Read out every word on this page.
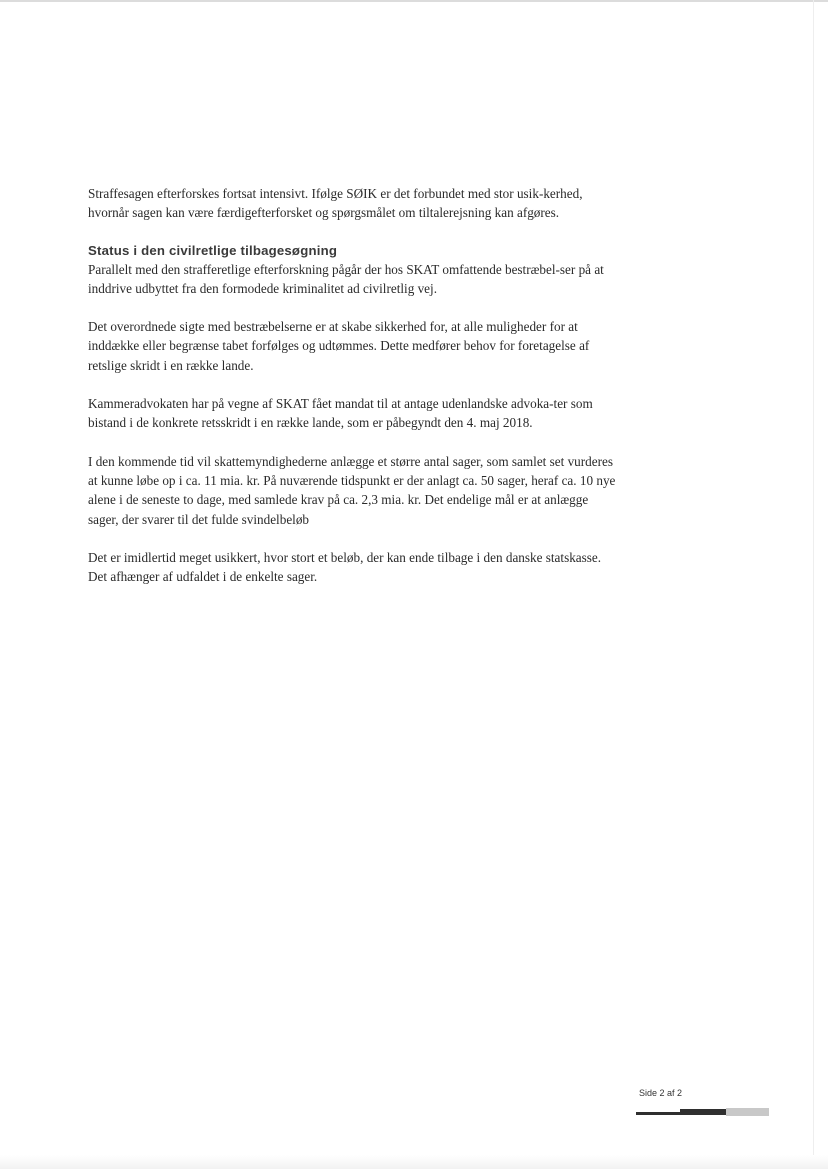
Straffesagen efterforskes fortsat intensivt. Ifølge SØIK er det forbundet med stor usik-kerhed, hvornår sagen kan være færdigefterforsket og spørgsmålet om tiltalerejsning kan afgøres.

Status i den civilretlige tilbagesøgning

Parallelt med den strafferetlige efterforskning pågår der hos SKAT omfattende bestræbel-ser på at inddrive udbyttet fra den formodede kriminalitet ad civilretlig vej.

Det overordnede sigte med bestræbelserne er at skabe sikkerhed for, at alle muligheder for at inddække eller begrænse tabet forfølges og udtømmes. Dette medfører behov for foretagelse af retslige skridt i en række lande.

Kammeradvokaten har på vegne af SKAT fået mandat til at antage udenlandske advoka-ter som bistand i de konkrete retsskridt i en række lande, som er påbegyndt den 4. maj 2018.

I den kommende tid vil skattemyndighederne anlægge et større antal sager, som samlet set vurderes at kunne løbe op i ca. 11 mia. kr. På nuværende tidspunkt er der anlagt ca. 50 sager, heraf ca. 10 nye alene i de seneste to dage, med samlede krav på ca. 2,3 mia. kr. Det endelige mål er at anlægge sager, der svarer til det fulde svindelbeløb

Det er imidlertid meget usikkert, hvor stort et beløb, der kan ende tilbage i den danske statskasse. Det afhænger af udfaldet i de enkelte sager.

Side 2 af 2
